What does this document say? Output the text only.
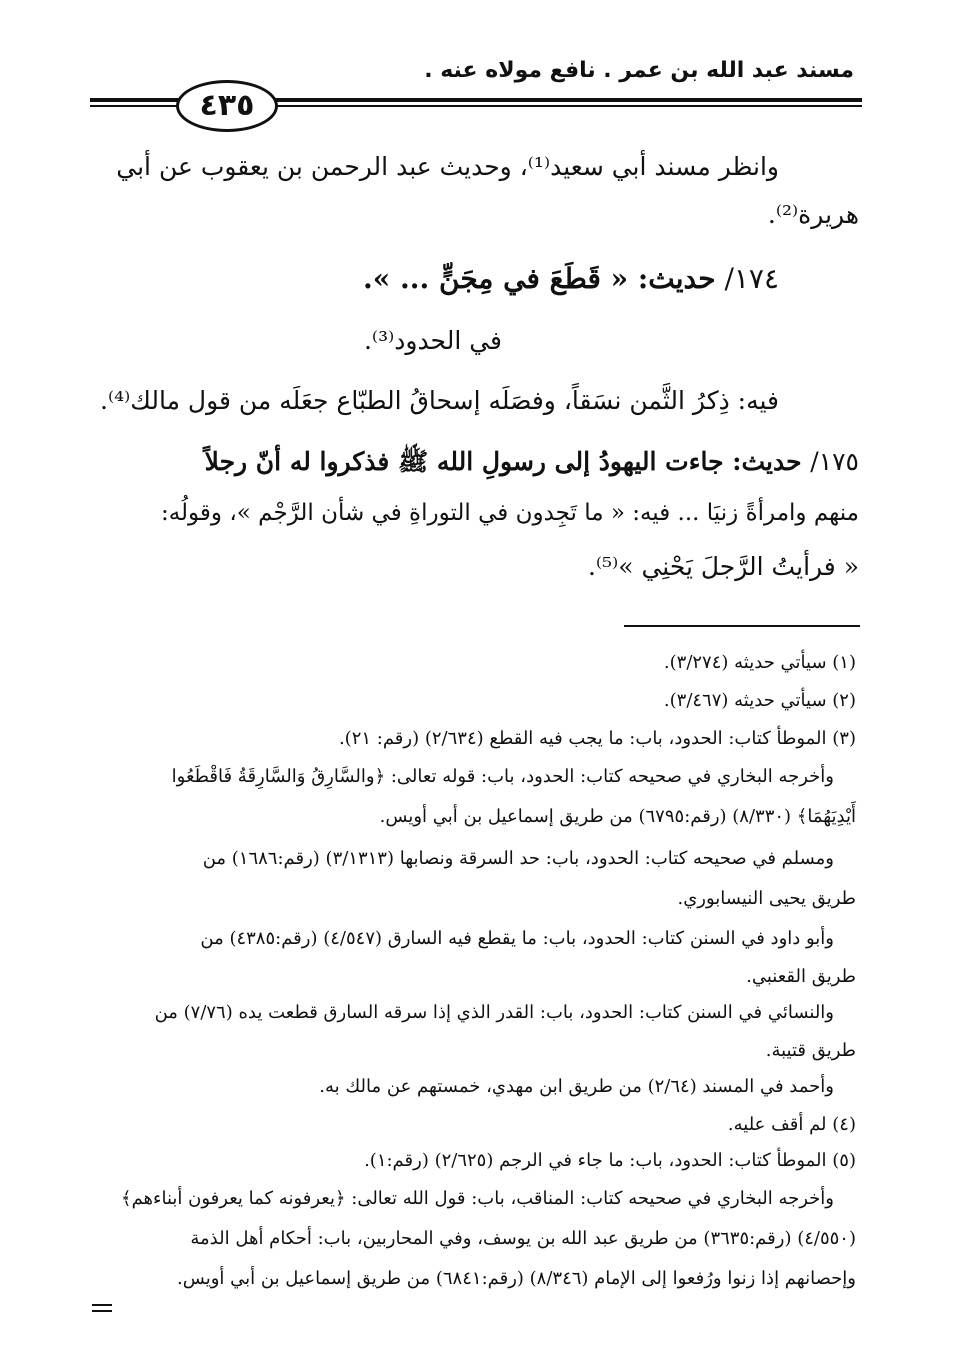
مسند عبد الله بن عمر . نافع مولاه عنه .
٤٣٥
وانظر مسند أبي سعيد⁽¹⁾، وحديث عبد الرحمن بن يعقوب عن أبي
هريرة⁽²⁾.
١٧٤/ حديث: « قَطَعَ في مِجَنٍّ ... ».
في الحدود⁽³⁾.
فيه: ذِكرُ الثَّمن نسَقاً، وفصَلَه إسحاقُ الطبّاع جعَلَه من قول مالك⁽⁴⁾.
١٧٥/ حديث: جاءت اليهودُ إلى رسولِ الله ﷺ فذكروا له أنّ رجلاً
منهم وامرأةً زنيَا ... فيه: « ما تَجِدون في التوراةِ في شأن الرَّجْم »، وقولُه:
« فرأيتُ الرَّجلَ يَحْنِي »⁽⁵⁾.
(١) سيأتي حديثه (٣/٢٧٤).
(٢) سيأتي حديثه (٣/٤٦٧).
(٣) الموطأ كتاب: الحدود، باب: ما يجب فيه القطع (٢/٦٣٤) (رقم: ٢١).
وأخرجه البخاري في صحيحه كتاب: الحدود، باب: قوله تعالى: ﴿والسَّارِقُ وَالسَّارِقَةُ فَاقْطَعُوا
أَيْدِيَهُمَا﴾ (٨/٣٣٠) (رقم:٦٧٩٥) من طريق إسماعيل بن أبي أويس.
ومسلم في صحيحه كتاب: الحدود، باب: حد السرقة ونصابها (٣/١٣١٣) (رقم:١٦٨٦) من
طريق يحيى النيسابوري.
وأبو داود في السنن كتاب: الحدود، باب: ما يقطع فيه السارق (٤/٥٤٧) (رقم:٤٣٨٥) من
طريق القعنبي.
والنسائي في السنن كتاب: الحدود، باب: القدر الذي إذا سرقه السارق قطعت يده (٧/٧٦) من
طريق قتيبة.
وأحمد في المسند (٢/٦٤) من طريق ابن مهدي، خمستهم عن مالك به.
(٤) لم أقف عليه.
(٥) الموطأ كتاب: الحدود، باب: ما جاء في الرجم (٢/٦٢٥) (رقم:١).
وأخرجه البخاري في صحيحه كتاب: المناقب، باب: قول الله تعالى: ﴿يعرفونه كما يعرفون أبناءهم﴾
(٤/٥٥٠) (رقم:٣٦٣٥) من طريق عبد الله بن يوسف، وفي المحاربين، باب: أحكام أهل الذمة
وإحصانهم إذا زنوا ورُفعوا إلى الإمام (٨/٣٤٦) (رقم:٦٨٤١) من طريق إسماعيل بن أبي أويس.
